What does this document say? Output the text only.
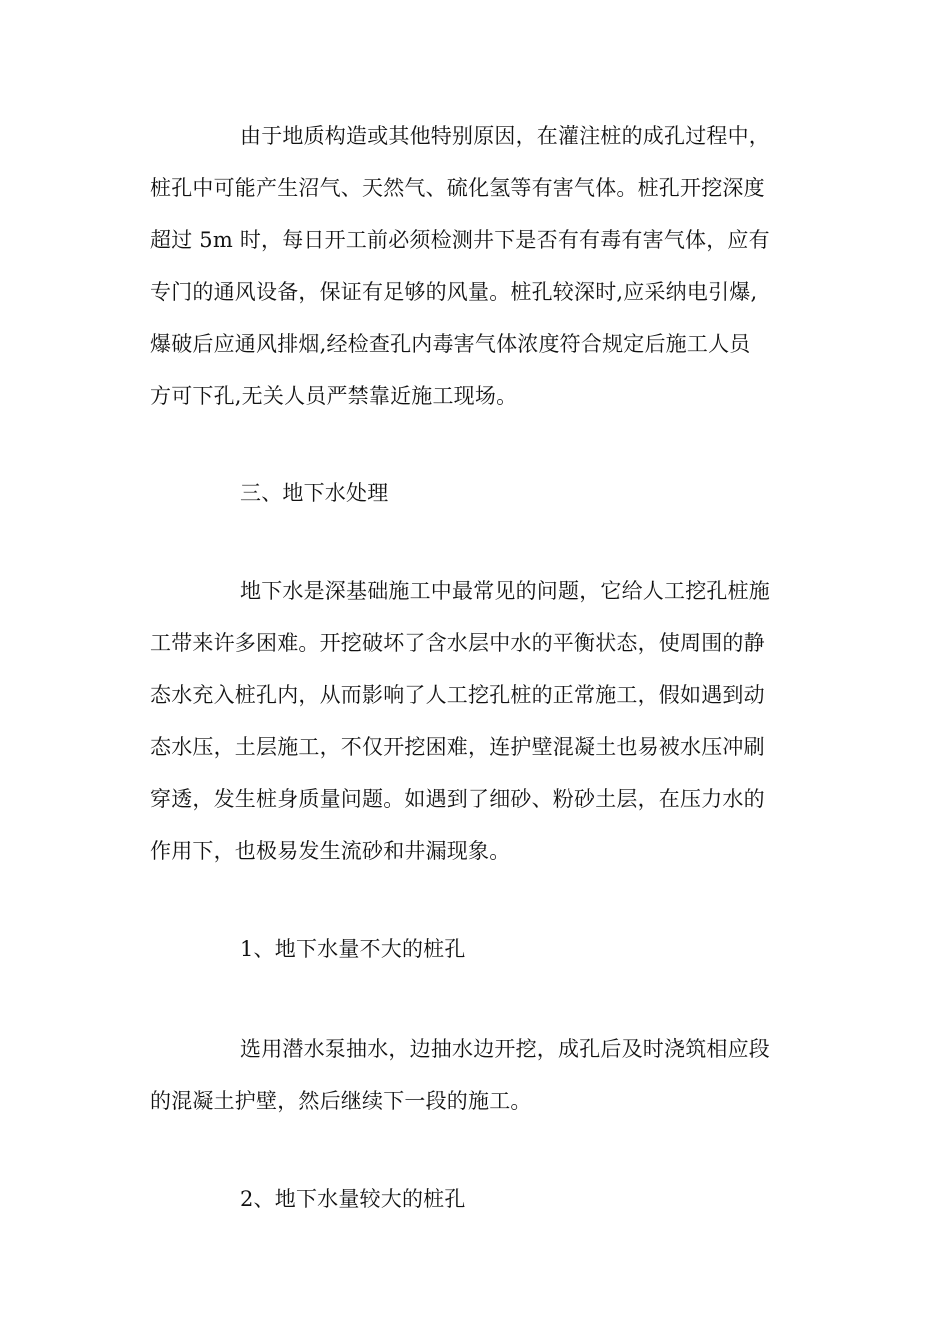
由于地质构造或其他特别原因，在灌注桩的成孔过程中，
桩孔中可能产生沼气、天然气、硫化氢等有害气体。桩孔开挖深度
超过 5m 时，每日开工前必须检测井下是否有有毒有害气体，应有
专门的通风设备，保证有足够的风量。桩孔较深时,应采纳电引爆,
爆破后应通风排烟,经检查孔内毒害气体浓度符合规定后施工人员
方可下孔,无关人员严禁靠近施工现场。
三、地下水处理
地下水是深基础施工中最常见的问题，它给人工挖孔桩施
工带来许多困难。开挖破坏了含水层中水的平衡状态，使周围的静
态水充入桩孔内，从而影响了人工挖孔桩的正常施工，假如遇到动
态水压，土层施工，不仅开挖困难，连护壁混凝土也易被水压冲刷
穿透，发生桩身质量问题。如遇到了细砂、粉砂土层，在压力水的
作用下，也极易发生流砂和井漏现象。
1、地下水量不大的桩孔
选用潜水泵抽水，边抽水边开挖，成孔后及时浇筑相应段
的混凝土护壁，然后继续下一段的施工。
2、地下水量较大的桩孔
